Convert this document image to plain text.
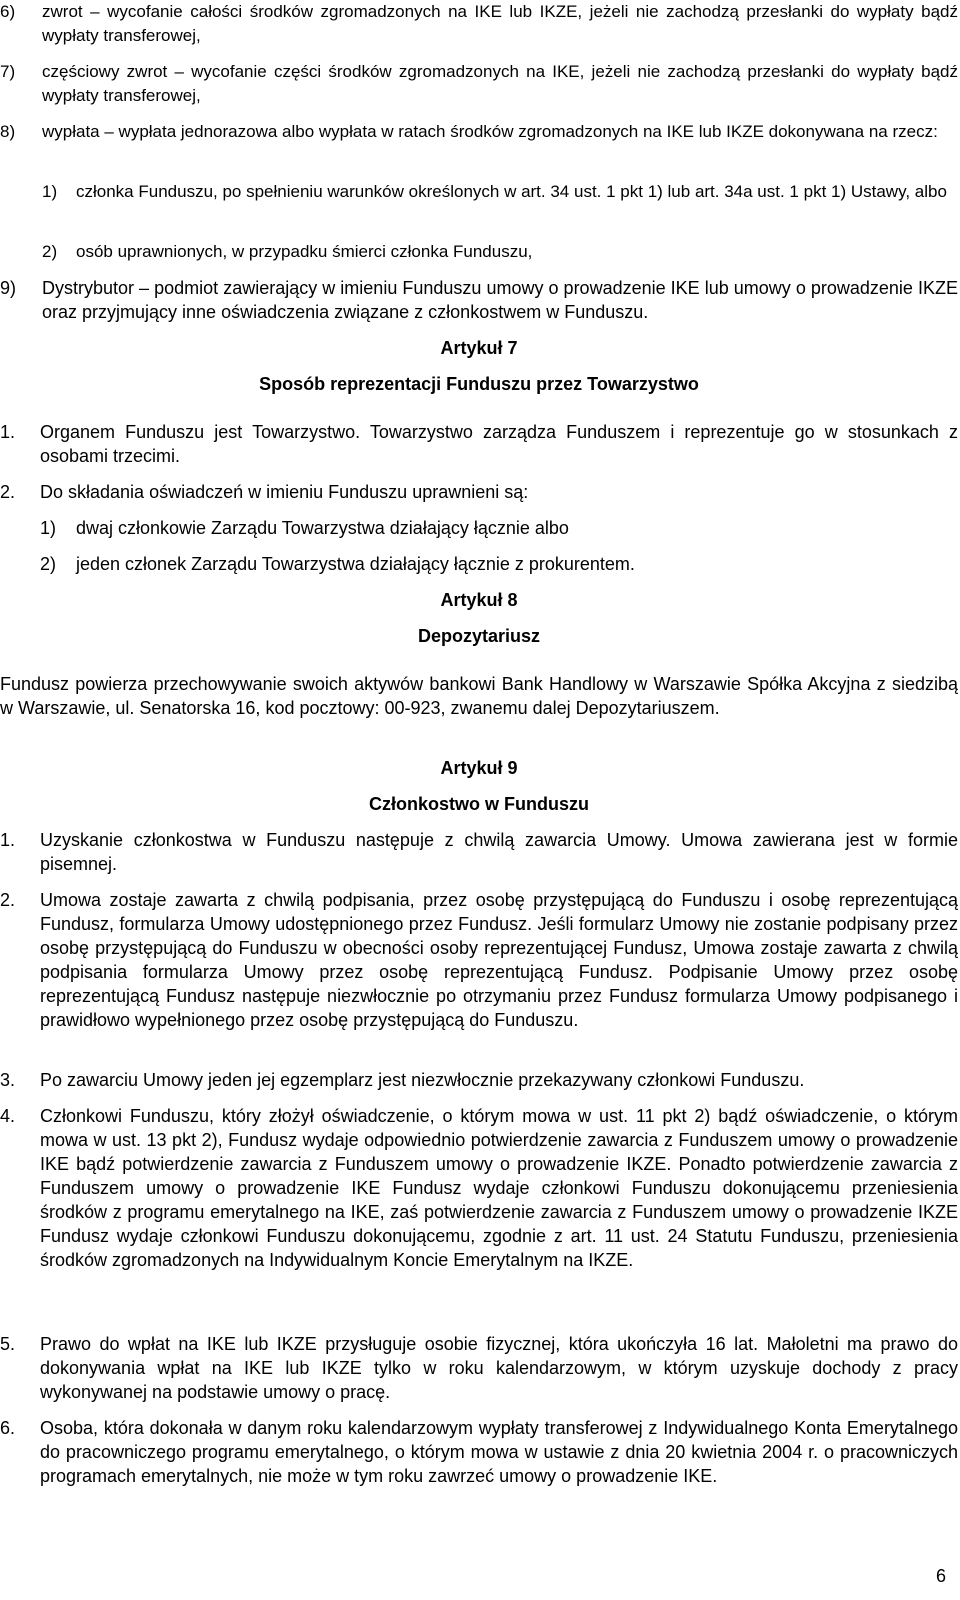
6)	zwrot – wycofanie całości środków zgromadzonych na IKE lub IKZE, jeżeli nie zachodzą przesłanki do wypłaty bądź wypłaty transferowej,
7)	częściowy zwrot – wycofanie części środków zgromadzonych na IKE, jeżeli nie zachodzą przesłanki do wypłaty bądź wypłaty transferowej,
8)	wypłata – wypłata jednorazowa albo wypłata w ratach środków zgromadzonych na IKE lub IKZE dokonywana na rzecz:
1)	członka Funduszu, po spełnieniu warunków określonych w art. 34 ust. 1 pkt 1) lub art. 34a ust. 1 pkt 1) Ustawy, albo
2)	osób uprawnionych, w przypadku śmierci członka Funduszu,
9)	Dystrybutor – podmiot zawierający w imieniu Funduszu umowy o prowadzenie IKE lub umowy o prowadzenie IKZE oraz przyjmujący inne oświadczenia związane z członkostwem w Funduszu.
Artykuł 7
Sposób reprezentacji Funduszu przez Towarzystwo
1.	Organem Funduszu jest Towarzystwo. Towarzystwo zarządza Funduszem i reprezentuje go w stosunkach z osobami trzecimi.
2.	Do składania oświadczeń w imieniu Funduszu uprawnieni są:
1)	dwaj członkowie Zarządu Towarzystwa działający łącznie albo
2)	jeden członek Zarządu Towarzystwa działający łącznie z prokurentem.
Artykuł 8
Depozytariusz
Fundusz powierza przechowywanie swoich aktywów bankowi Bank Handlowy w Warszawie Spółka Akcyjna z siedzibą w Warszawie, ul. Senatorska 16, kod pocztowy: 00-923, zwanemu dalej Depozytariuszem.
Artykuł 9
Członkostwo w Funduszu
1.	Uzyskanie członkostwa w Funduszu następuje z chwilą zawarcia Umowy. Umowa zawierana jest w formie pisemnej.
2.	Umowa zostaje zawarta z chwilą podpisania, przez osobę przystępującą do Funduszu i osobę reprezentującą Fundusz, formularza Umowy udostępnionego przez Fundusz. Jeśli formularz Umowy nie zostanie podpisany przez osobę przystępującą do Funduszu w obecności osoby reprezentującej Fundusz, Umowa zostaje zawarta z chwilą podpisania formularza Umowy przez osobę reprezentującą Fundusz. Podpisanie Umowy przez osobę reprezentującą Fundusz następuje niezwłocznie po otrzymaniu przez Fundusz formularza Umowy podpisanego i prawidłowo wypełnionego przez osobę przystępującą do Funduszu.
3.	Po zawarciu Umowy jeden jej egzemplarz jest niezwłocznie przekazywany członkowi Funduszu.
4.	Członkowi Funduszu, który złożył oświadczenie, o którym mowa w ust. 11 pkt 2) bądź oświadczenie, o którym mowa w ust. 13 pkt 2), Fundusz wydaje odpowiednio potwierdzenie zawarcia z Funduszem umowy o prowadzenie IKE bądź potwierdzenie zawarcia z Funduszem umowy o prowadzenie IKZE. Ponadto potwierdzenie zawarcia z Funduszem umowy o prowadzenie IKE Fundusz wydaje członkowi Funduszu dokonującemu przeniesienia środków z programu emerytalnego na IKE, zaś potwierdzenie zawarcia z Funduszem umowy o prowadzenie IKZE Fundusz wydaje członkowi Funduszu dokonującemu, zgodnie z art. 11 ust. 24 Statutu Funduszu, przeniesienia środków zgromadzonych na Indywidualnym Koncie Emerytalnym na IKZE.
5.	Prawo do wpłat na IKE lub IKZE przysługuje osobie fizycznej, która ukończyła 16 lat. Małoletni ma prawo do dokonywania wpłat na IKE lub IKZE tylko w roku kalendarzowym, w którym uzyskuje dochody z pracy wykonywanej na podstawie umowy o pracę.
6.	Osoba, która dokonała w danym roku kalendarzowym wypłaty transferowej z Indywidualnego Konta Emerytalnego do pracowniczego programu emerytalnego, o którym mowa w ustawie z dnia 20 kwietnia 2004 r. o pracowniczych programach emerytalnych, nie może w tym roku zawrzeć umowy o prowadzenie IKE.
6
